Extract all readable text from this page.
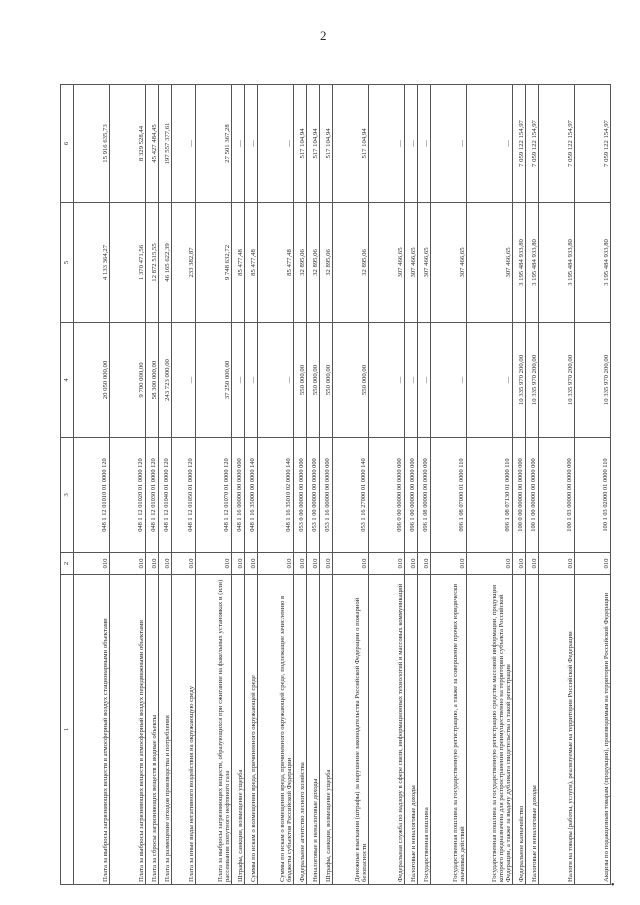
2
1	2	3	4	5	6
Плата за выбросы загрязняющих веществ в атмосферный воздух стационарными объектами	010	048 1 12 01010 01 0000 120	20 050 000,00	4 133 364,27	15 916 635,73
Плата за выбросы загрязняющих веществ в атмосферный воздух передвижными объектами	010	048 1 12 01020 01 0000 120	9 700 000,00	1 370 471,56	8 329 528,44
Плата за сбросы загрязняющих веществ в водные объекты	010	048 1 12 01030 01 0000 120	58 300 000,00	12 872 515,55	45 427 484,45
Плата за размещение отходов производства и потребления	010	048 1 12 01040 01 0000 120	243 723 000,00	46 165 622,39	197 557 377,61
Плата за иные виды негативного воздействия на окружающую среду	010	048 1 12 01050 01 0000 120	—	233 382,87	—
Плата за выбросы загрязняющих веществ, образующихся при сжигании на факельных установках и (или) рассеивании попутного нефтяного газа	010	048 1 12 01070 01 0000 120	37 250 000,00	9 748 632,72	27 501 367,28
Штрафы, санкции, возмещение ущерба	010	048 1 16 00000 00 0000 000	—	85 477,48	—
Суммы по искам о возмещении вреда, причиненного окружающей среде	010	048 1 16 35000 00 0000 140	—	85 477,48	—
Суммы по искам о возмещении вреда, причиненного окружающей среде, подлежащие зачислению в бюджеты субъектов Российской Федерации	010	048 1 16 35010 02 0000 140	—	85 477,48	—
Федеральное агентство лесного хозяйства	010	053 0 00 00000 00 0000 000	550 000,00	32 895,06	517 104,94
Неналоговые и неналоговые доходы	010	053 1 00 00000 00 0000 000	550 000,00	32 895,06	517 104,94
Штрафы, санкции, возмещение ущерба	010	053 1 16 00000 00 0000 000	550 000,00	32 895,06	517 104,94
Денежные взыскания (штрафы) за нарушение законодательства Российской Федерации о пожарной безопасности	010	053 1 16 27000 01 0000 140	550 000,00	32 895,06	517 104,94
Федеральная служба по надзору в сфере связи, информационных технологий и массовых коммуникаций	010	096 0 00 00000 00 0000 000	—	307 466,65	—
Налоговые и неналоговые доходы	010	096 1 00 00000 00 0000 000	—	307 466,65	—
Государственная пошлина	010	096 1 08 00000 00 0000 000	—	307 466,65	—
Государственная пошлина за государственную регистрацию, а также за совершение прочих юридически значимых действий	010	096 1 08 07000 01 0000 110	—	307 466,65	—
Государственная пошлина за государственную регистрацию средства массовой информации, продукция которого предназначена для распространения преимущественно на территории субъекта Российской Федерации, а также за выдачу дубликата свидетельства о такой регистрации	010	096 1 08 07130 01 0000 110	—	307 466,65	—
Федеральное казначейство	010	100 0 00 00000 00 0000 000	10 335 970 200,00	3 195 484 933,80	7 059 122 154,97
Налоговые и неналоговые доходы	010	100 1 00 00000 00 0000 000	10 335 970 200,00	3 195 484 933,80	7 059 122 154,97
Налоги на товары (работы, услуги), реализуемые на территории Российской Федерации	010	100 1 03 00000 00 0000 000	10 335 970 200,00	3 195 484 933,80	7 059 122 154,97
Акцизы по подакцизным товарам (продукции), производимым на территории Российской Федерации	010	100 1 03 02000 01 0000 110	10 335 970 200,00	3 195 484 933,80	7 059 122 154,97
•
